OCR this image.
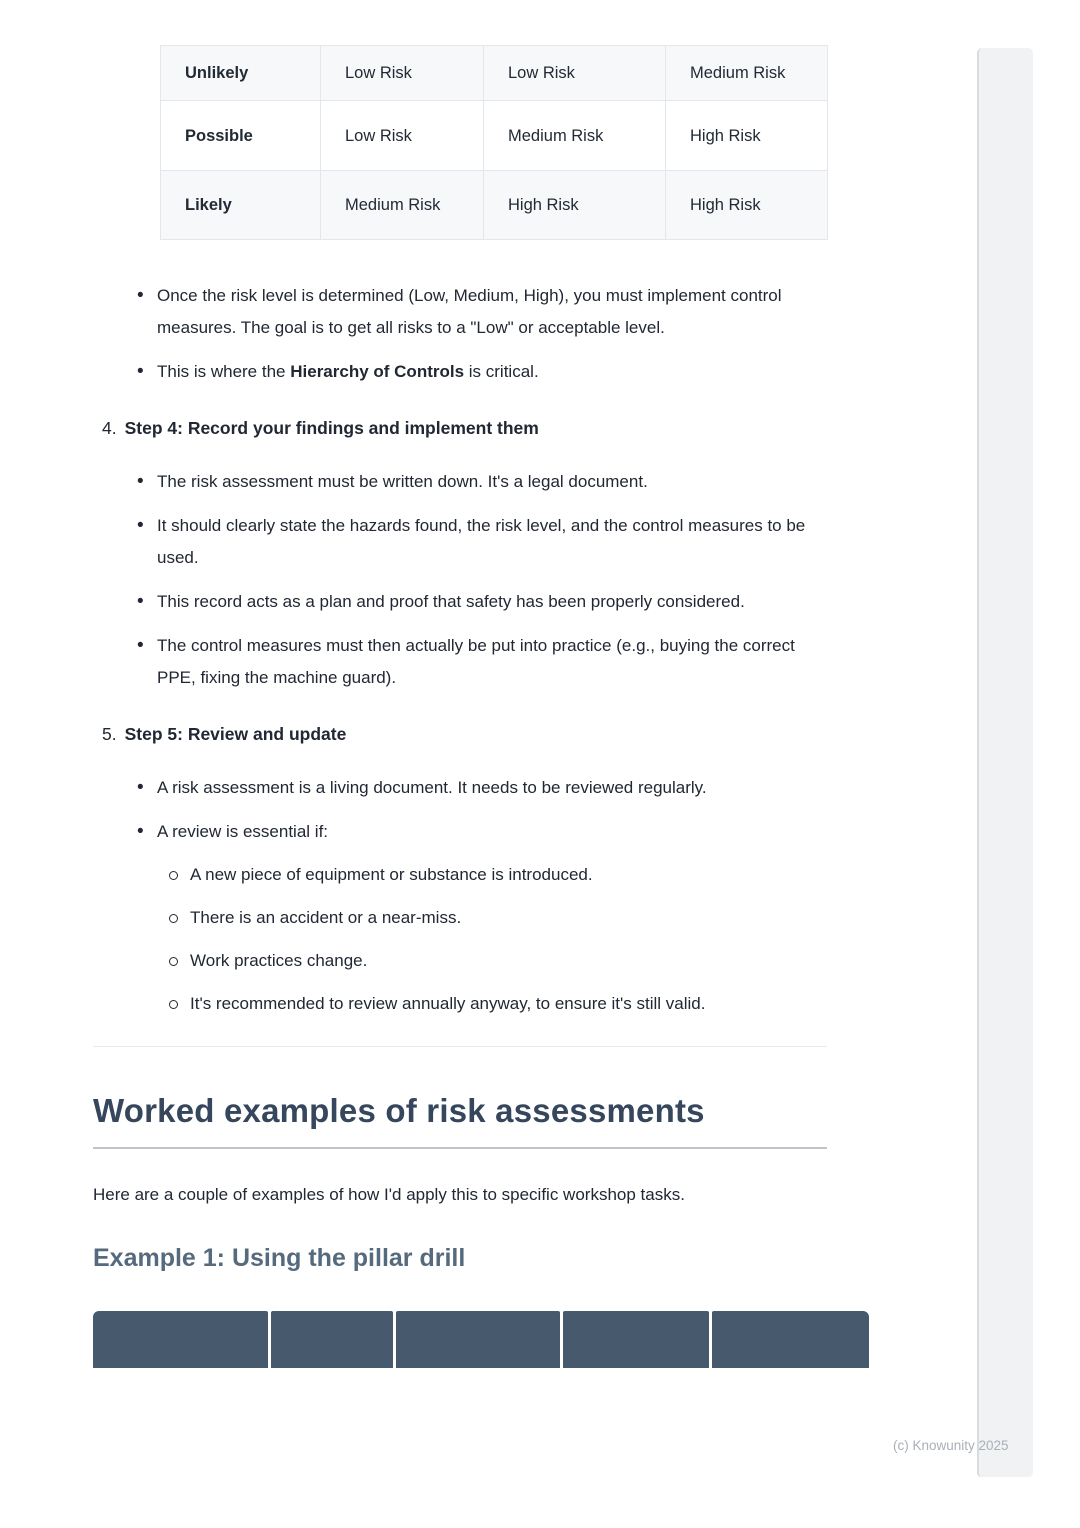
Unlikely	Low Risk	Low Risk	Medium Risk
Possible	Low Risk	Medium Risk	High Risk
Likely	Medium Risk	High Risk	High Risk
• Once the risk level is determined (Low, Medium, High), you must implement control measures. The goal is to get all risks to a "Low" or acceptable level.
• This is where the Hierarchy of Controls is critical.
4. Step 4: Record your findings and implement them
• The risk assessment must be written down. It's a legal document.
• It should clearly state the hazards found, the risk level, and the control measures to be used.
• This record acts as a plan and proof that safety has been properly considered.
• The control measures must then actually be put into practice (e.g., buying the correct PPE, fixing the machine guard).
5. Step 5: Review and update
• A risk assessment is a living document. It needs to be reviewed regularly.
• A review is essential if:
A new piece of equipment or substance is introduced.
There is an accident or a near-miss.
Work practices change.
It's recommended to review annually anyway, to ensure it's still valid.
Worked examples of risk assessments

Here are a couple of examples of how I'd apply this to specific workshop tasks.

Example 1: Using the pillar drill
(c) Knowunity 2025
